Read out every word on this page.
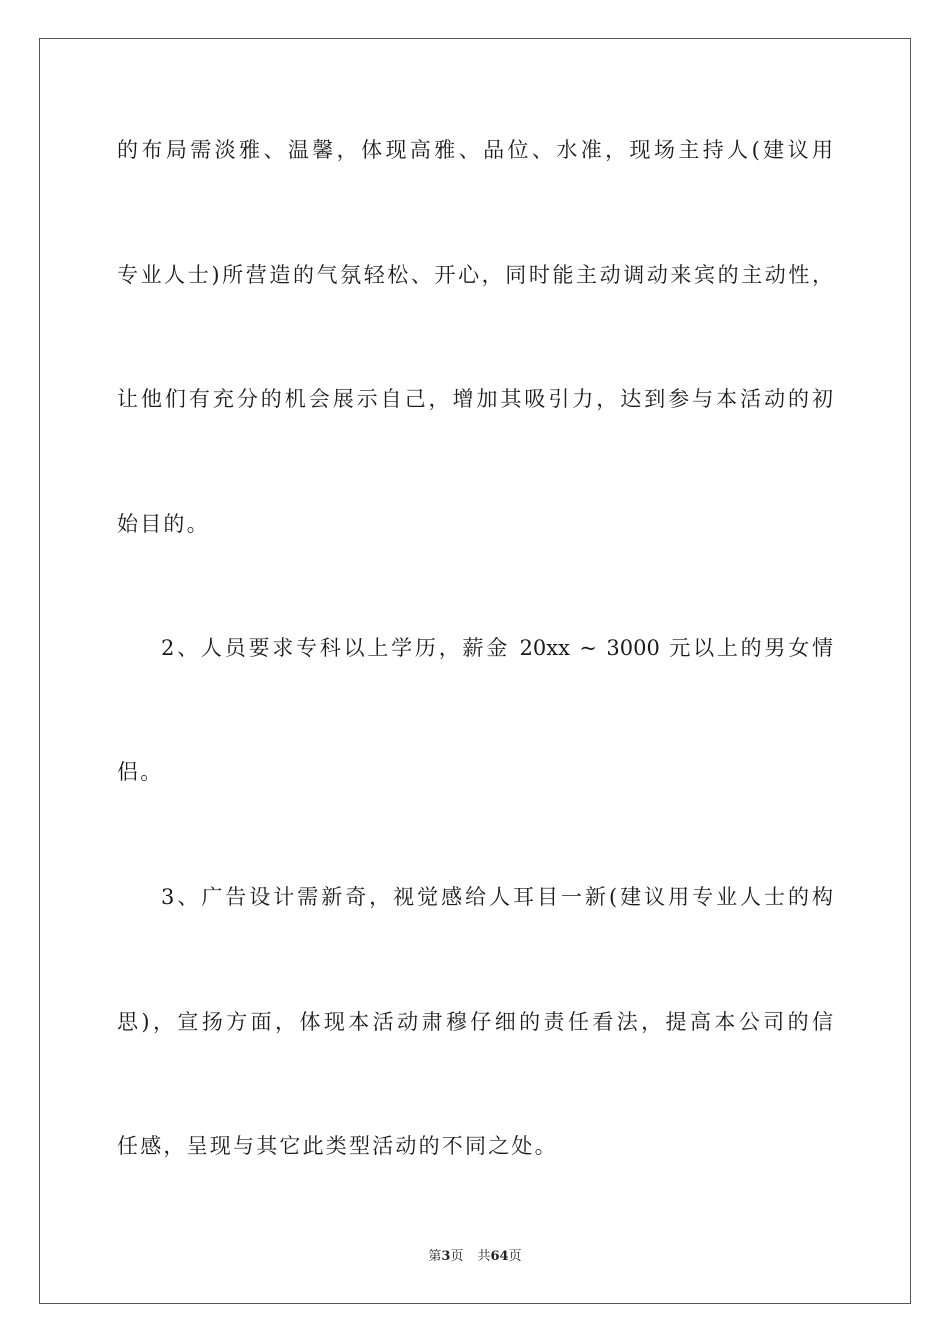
的布局需淡雅、温馨，体现高雅、品位、水准，现场主持人(建议用
专业人士)所营造的气氛轻松、开心，同时能主动调动来宾的主动性，
让他们有充分的机会展示自己，增加其吸引力，达到参与本活动的初
始目的。
2、人员要求专科以上学历，薪金 20xx ~ 3000 元以上的男女情
侣。
3、广告设计需新奇，视觉感给人耳目一新(建议用专业人士的构
思)，宣扬方面，体现本活动肃穆仔细的责任看法，提高本公司的信
任感，呈现与其它此类型活动的不同之处。
第3页 共64页
